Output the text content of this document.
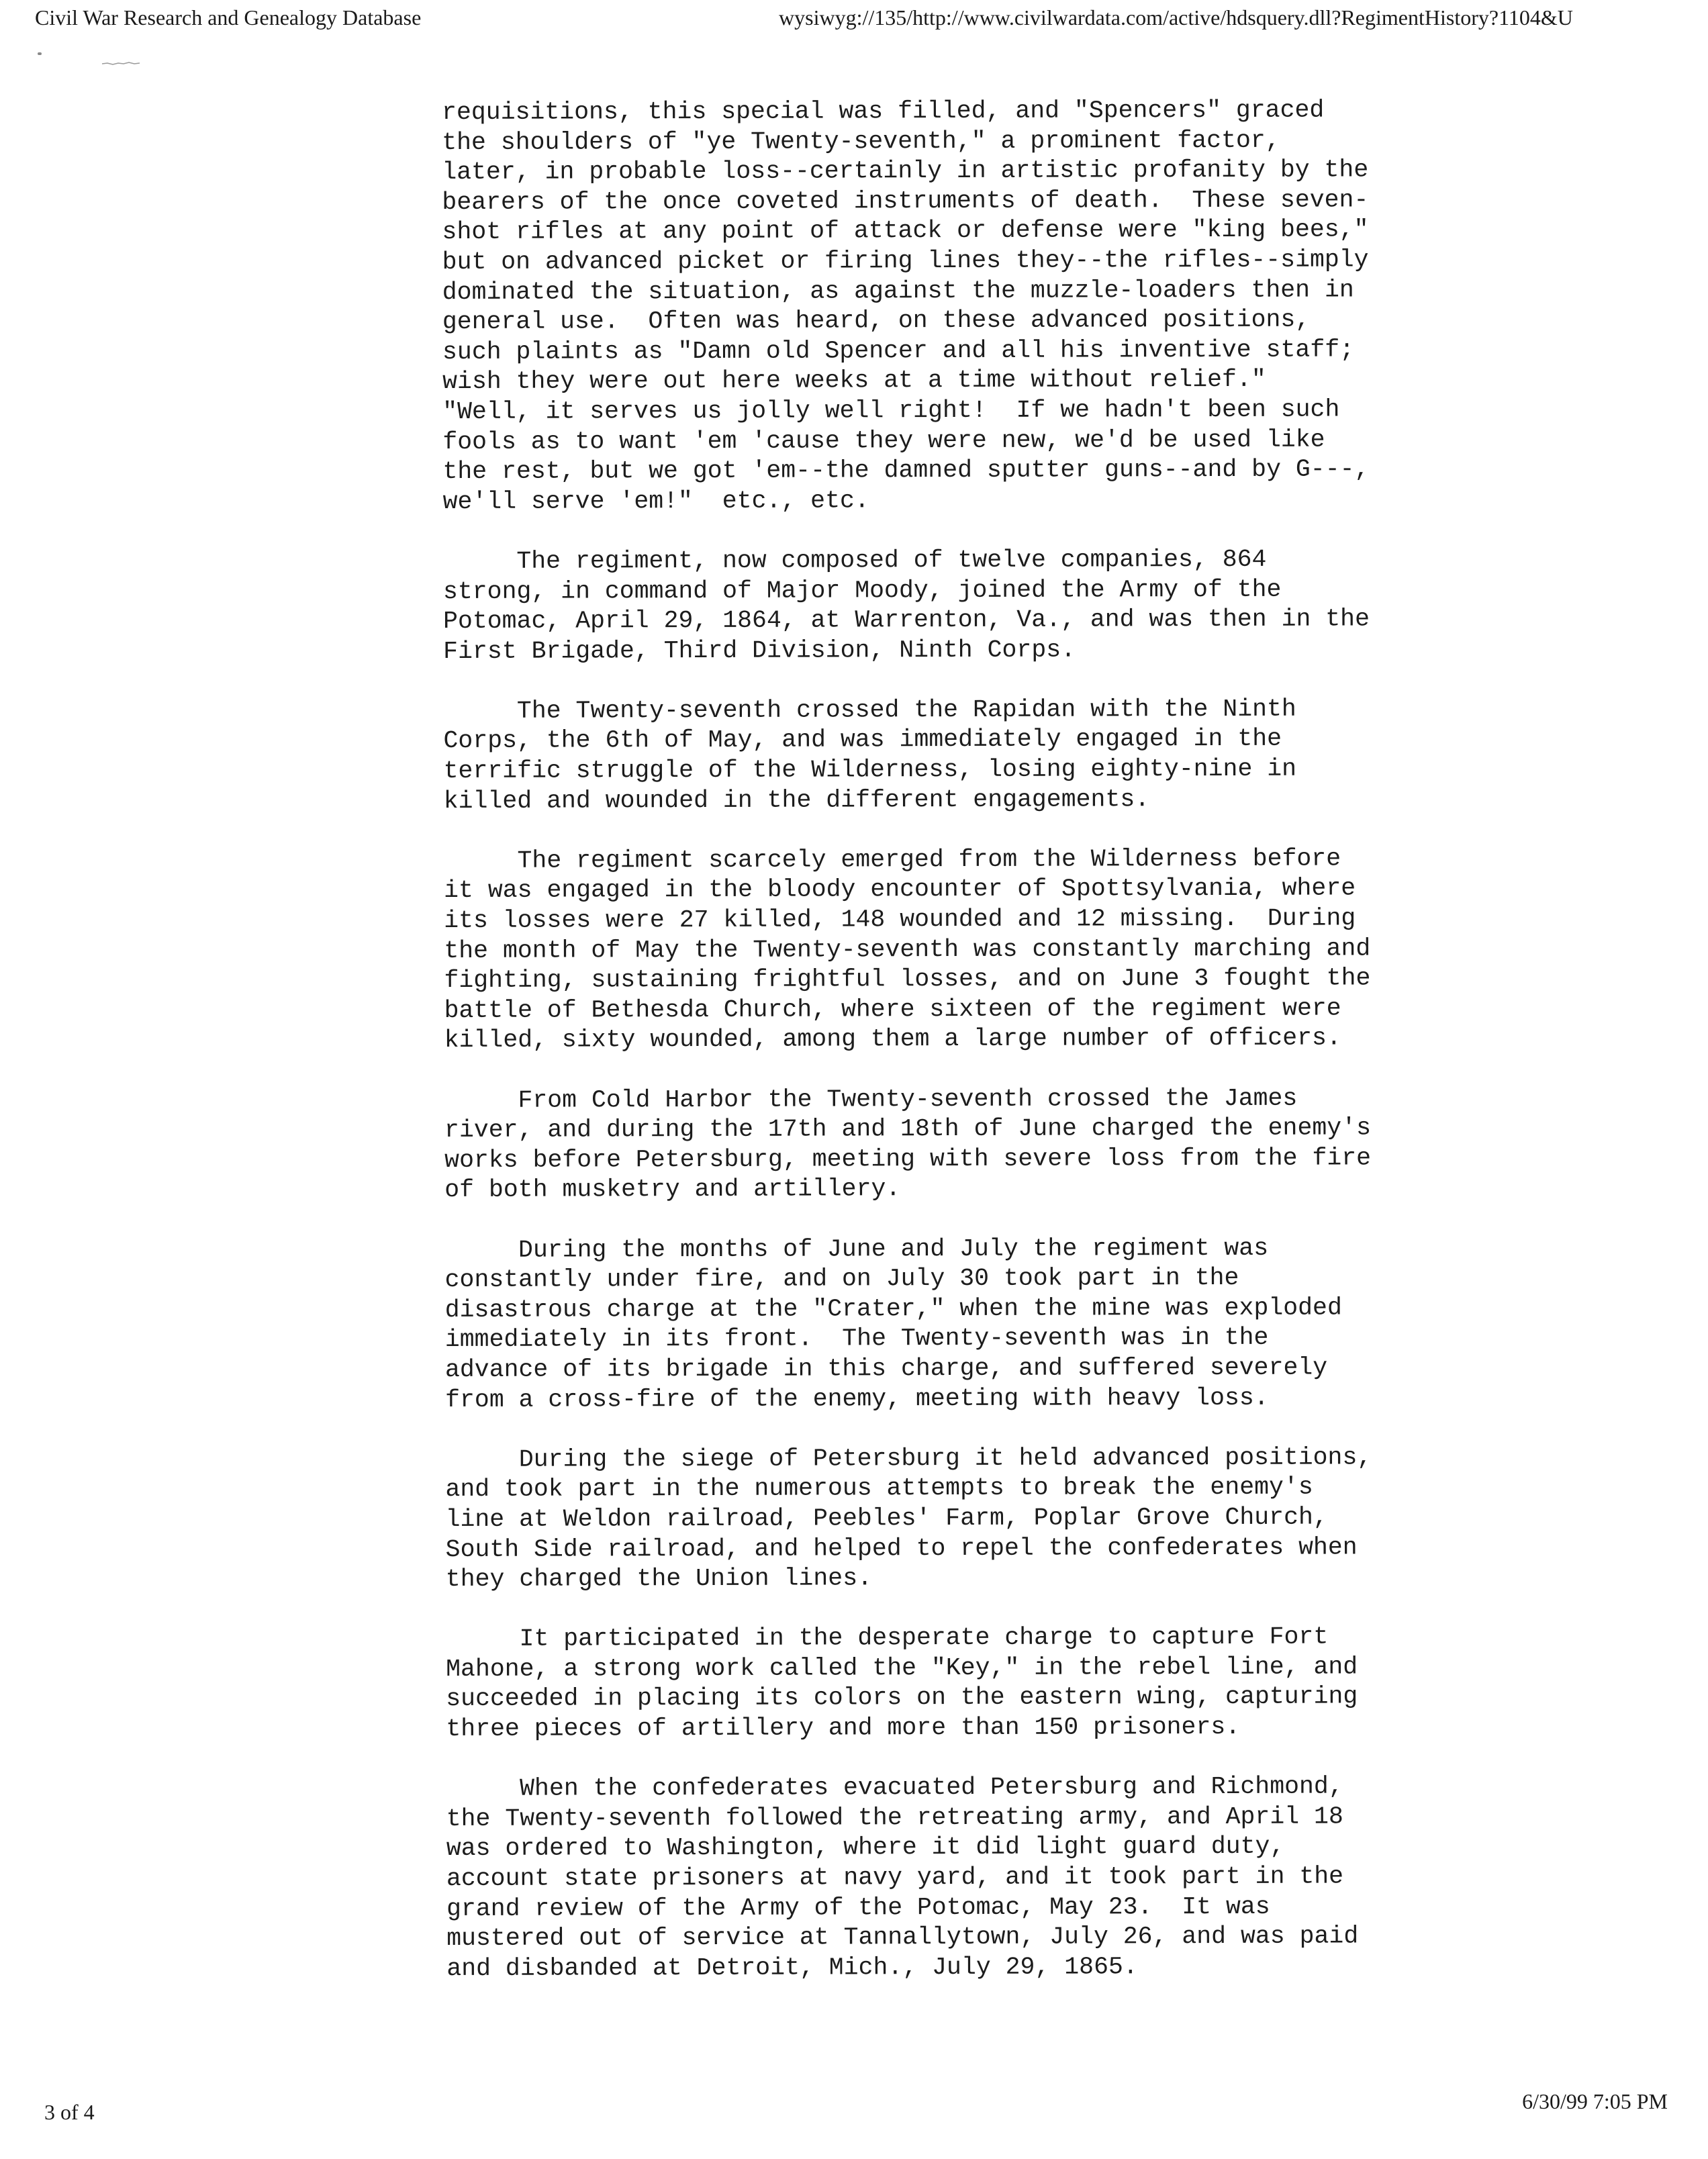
Civil War Research and Genealogy Database	wysiwyg://135/http://www.civilwardata.com/active/hdsquery.dll?RegimentHistory?1104&U
requisitions, this special was filled, and "Spencers" graced
the shoulders of "ye Twenty-seventh," a prominent factor,
later, in probable loss--certainly in artistic profanity by the
bearers of the once coveted instruments of death.  These seven-
shot rifles at any point of attack or defense were "king bees,"
but on advanced picket or firing lines they--the rifles--simply
dominated the situation, as against the muzzle-loaders then in
general use.  Often was heard, on these advanced positions,
such plaints as "Damn old Spencer and all his inventive staff;
wish they were out here weeks at a time without relief."
"Well, it serves us jolly well right!  If we hadn't been such
fools as to want 'em 'cause they were new, we'd be used like
the rest, but we got 'em--the damned sputter guns--and by G---,
we'll serve 'em!"  etc., etc.
The regiment, now composed of twelve companies, 864
strong, in command of Major Moody, joined the Army of the
Potomac, April 29, 1864, at Warrenton, Va., and was then in the
First Brigade, Third Division, Ninth Corps.
The Twenty-seventh crossed the Rapidan with the Ninth
Corps, the 6th of May, and was immediately engaged in the
terrific struggle of the Wilderness, losing eighty-nine in
killed and wounded in the different engagements.
The regiment scarcely emerged from the Wilderness before
it was engaged in the bloody encounter of Spottsylvania, where
its losses were 27 killed, 148 wounded and 12 missing.  During
the month of May the Twenty-seventh was constantly marching and
fighting, sustaining frightful losses, and on June 3 fought the
battle of Bethesda Church, where sixteen of the regiment were
killed, sixty wounded, among them a large number of officers.
From Cold Harbor the Twenty-seventh crossed the James
river, and during the 17th and 18th of June charged the enemy's
works before Petersburg, meeting with severe loss from the fire
of both musketry and artillery.
During the months of June and July the regiment was
constantly under fire, and on July 30 took part in the
disastrous charge at the "Crater," when the mine was exploded
immediately in its front.  The Twenty-seventh was in the
advance of its brigade in this charge, and suffered severely
from a cross-fire of the enemy, meeting with heavy loss.
During the siege of Petersburg it held advanced positions,
and took part in the numerous attempts to break the enemy's
line at Weldon railroad, Peebles' Farm, Poplar Grove Church,
South Side railroad, and helped to repel the confederates when
they charged the Union lines.
It participated in the desperate charge to capture Fort
Mahone, a strong work called the "Key," in the rebel line, and
succeeded in placing its colors on the eastern wing, capturing
three pieces of artillery and more than 150 prisoners.
When the confederates evacuated Petersburg and Richmond,
the Twenty-seventh followed the retreating army, and April 18
was ordered to Washington, where it did light guard duty,
account state prisoners at navy yard, and it took part in the
grand review of the Army of the Potomac, May 23.  It was
mustered out of service at Tannallytown, July 26, and was paid
and disbanded at Detroit, Mich., July 29, 1865.
3 of 4	6/30/99 7:05 PM
